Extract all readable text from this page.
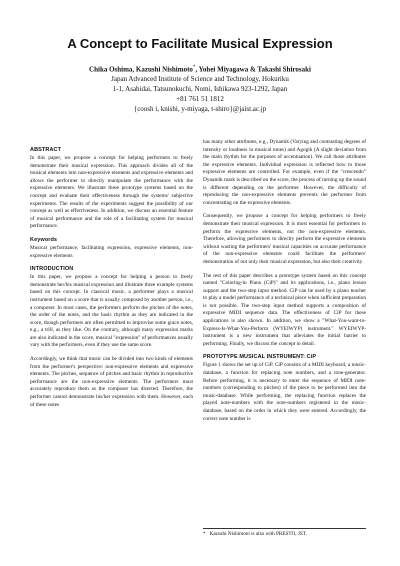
A Concept to Facilitate Musical Expression
Chika Oshima, Kazushi Nishimoto*, Yohei Miyagawa & Takashi Shirosaki
Japan Advanced Institute of Science and Technology, Hokuriku
1-1, Asahidai, Tatsunokuchi, Nomi, Ishikawa 923-1292, Japan
+81 761 51 1812
{coosh i, knishi, y-miyaga, t-shiro}@jaist.ac.jp
ABSTRACT

In this paper, we propose a concept for helping performers to freely demonstrate their musical expression. This approach divides all of the musical elements into non-expressive elements and expressive elements and allows the performer to directly manipulate the performance with the expressive elements. We illustrate three prototype systems based on the concept and evaluate their effectiveness through the systems' subjective experiments. The results of the experiments suggest the possibility of our concept as well as effectiveness. In addition, we discuss an essential feature of musical performance and the role of a facilitating system for musical performance.

Keywords

Musical performance, facilitating expression, expressive elements, non-expressive elements

INTRODUCTION

In this paper, we propose a concept for helping a person to freely demonstrate her/his musical expression and illustrate three example systems based on this concept. In classical music, a performer plays a musical instrument based on a score that is usually composed by another person, i.e., a composer. In most cases, the performers perform the pitches of the notes, the order of the notes, and the basic rhythm as they are indicated in the score, though performers are often permitted to improvise some grace notes, e.g., a trill, as they like. On the contrary, although many expression marks are also indicated in the score, musical "expression" of performances usually vary with the performers, even if they use the same score.

Accordingly, we think that music can be divided into two kinds of elements from the performer's perspective: non-expressive elements and expressive elements. The pitches, sequence of pitches and basic rhythm in reproductive performance are the non-expressive elements. The performers must accurately reproduce them as the composer has directed. Therefore, the performer cannot demonstrate his/her expression with them. However, each of these notes

has many other attributes, e.g., Dynamik (Varying and contrasting degrees of intensity or loudness in musical tones) and Agogik (A slight deviation from the main rhythm for the purposes of accentuation). We call those attributes the expressive elements. Individual expression is reflected how to those expressive elements are controlled. For example, even if the "crescendo" Dynamik mark is described on the score, the process of turning up the sound is different depending on the performer. However, the difficulty of reproducing the non-expressive elements prevents the performer from concentrating on the expressive elements.

Consequently, we propose a concept for helping performers to freely demonstrate their musical expression. It is most essential for performers to perform the expressive elements, not the non-expressive elements. Therefore, allowing performers to directly perform the expressive elements without wasting the performers' musical capacities on accurate performance of the non-expressive elements could facilitate the performers' demonstration of not only their musical expression, but also their creativity.

The rest of this paper describes a prototype system based on this concept named "Coloring-in Piano (CiP)" and its applications, i.e., piano lesson support and the two-step input method. CiP can be used by a piano teacher to play a model performance of a technical piece when sufficient preparation is not possible. The two-step input method supports a composition of expressive MIDI sequence data. The effectiveness of CiP for these applications is also shown. In addition, we show a "What-You-want-to-Express-Is-What-You-Perform (WYEIWYP) instrument." WYEIWYP-instrument is a new instrument that alleviates the initial barrier to performing. Finally, we discuss the concept in detail.

PROTOTYPE MUSICAL INSTRUMENT: CiP

Figure 1 shows the set up of CiP. CiP consists of a MIDI keyboard, a music-database, a function for replacing note numbers, and a tone-generator. Before performing, it is necessary to enter the sequence of MIDI note-numbers (corresponding to pitches) of the piece to be performed into the music-database. While performing, the replacing function replaces the played note-numbers with the note-numbers registered in the music-database, based on the order in which they were entered. Accordingly, the correct note number is

* Kazushi Nishimoto is also with PRESTO, JST.
